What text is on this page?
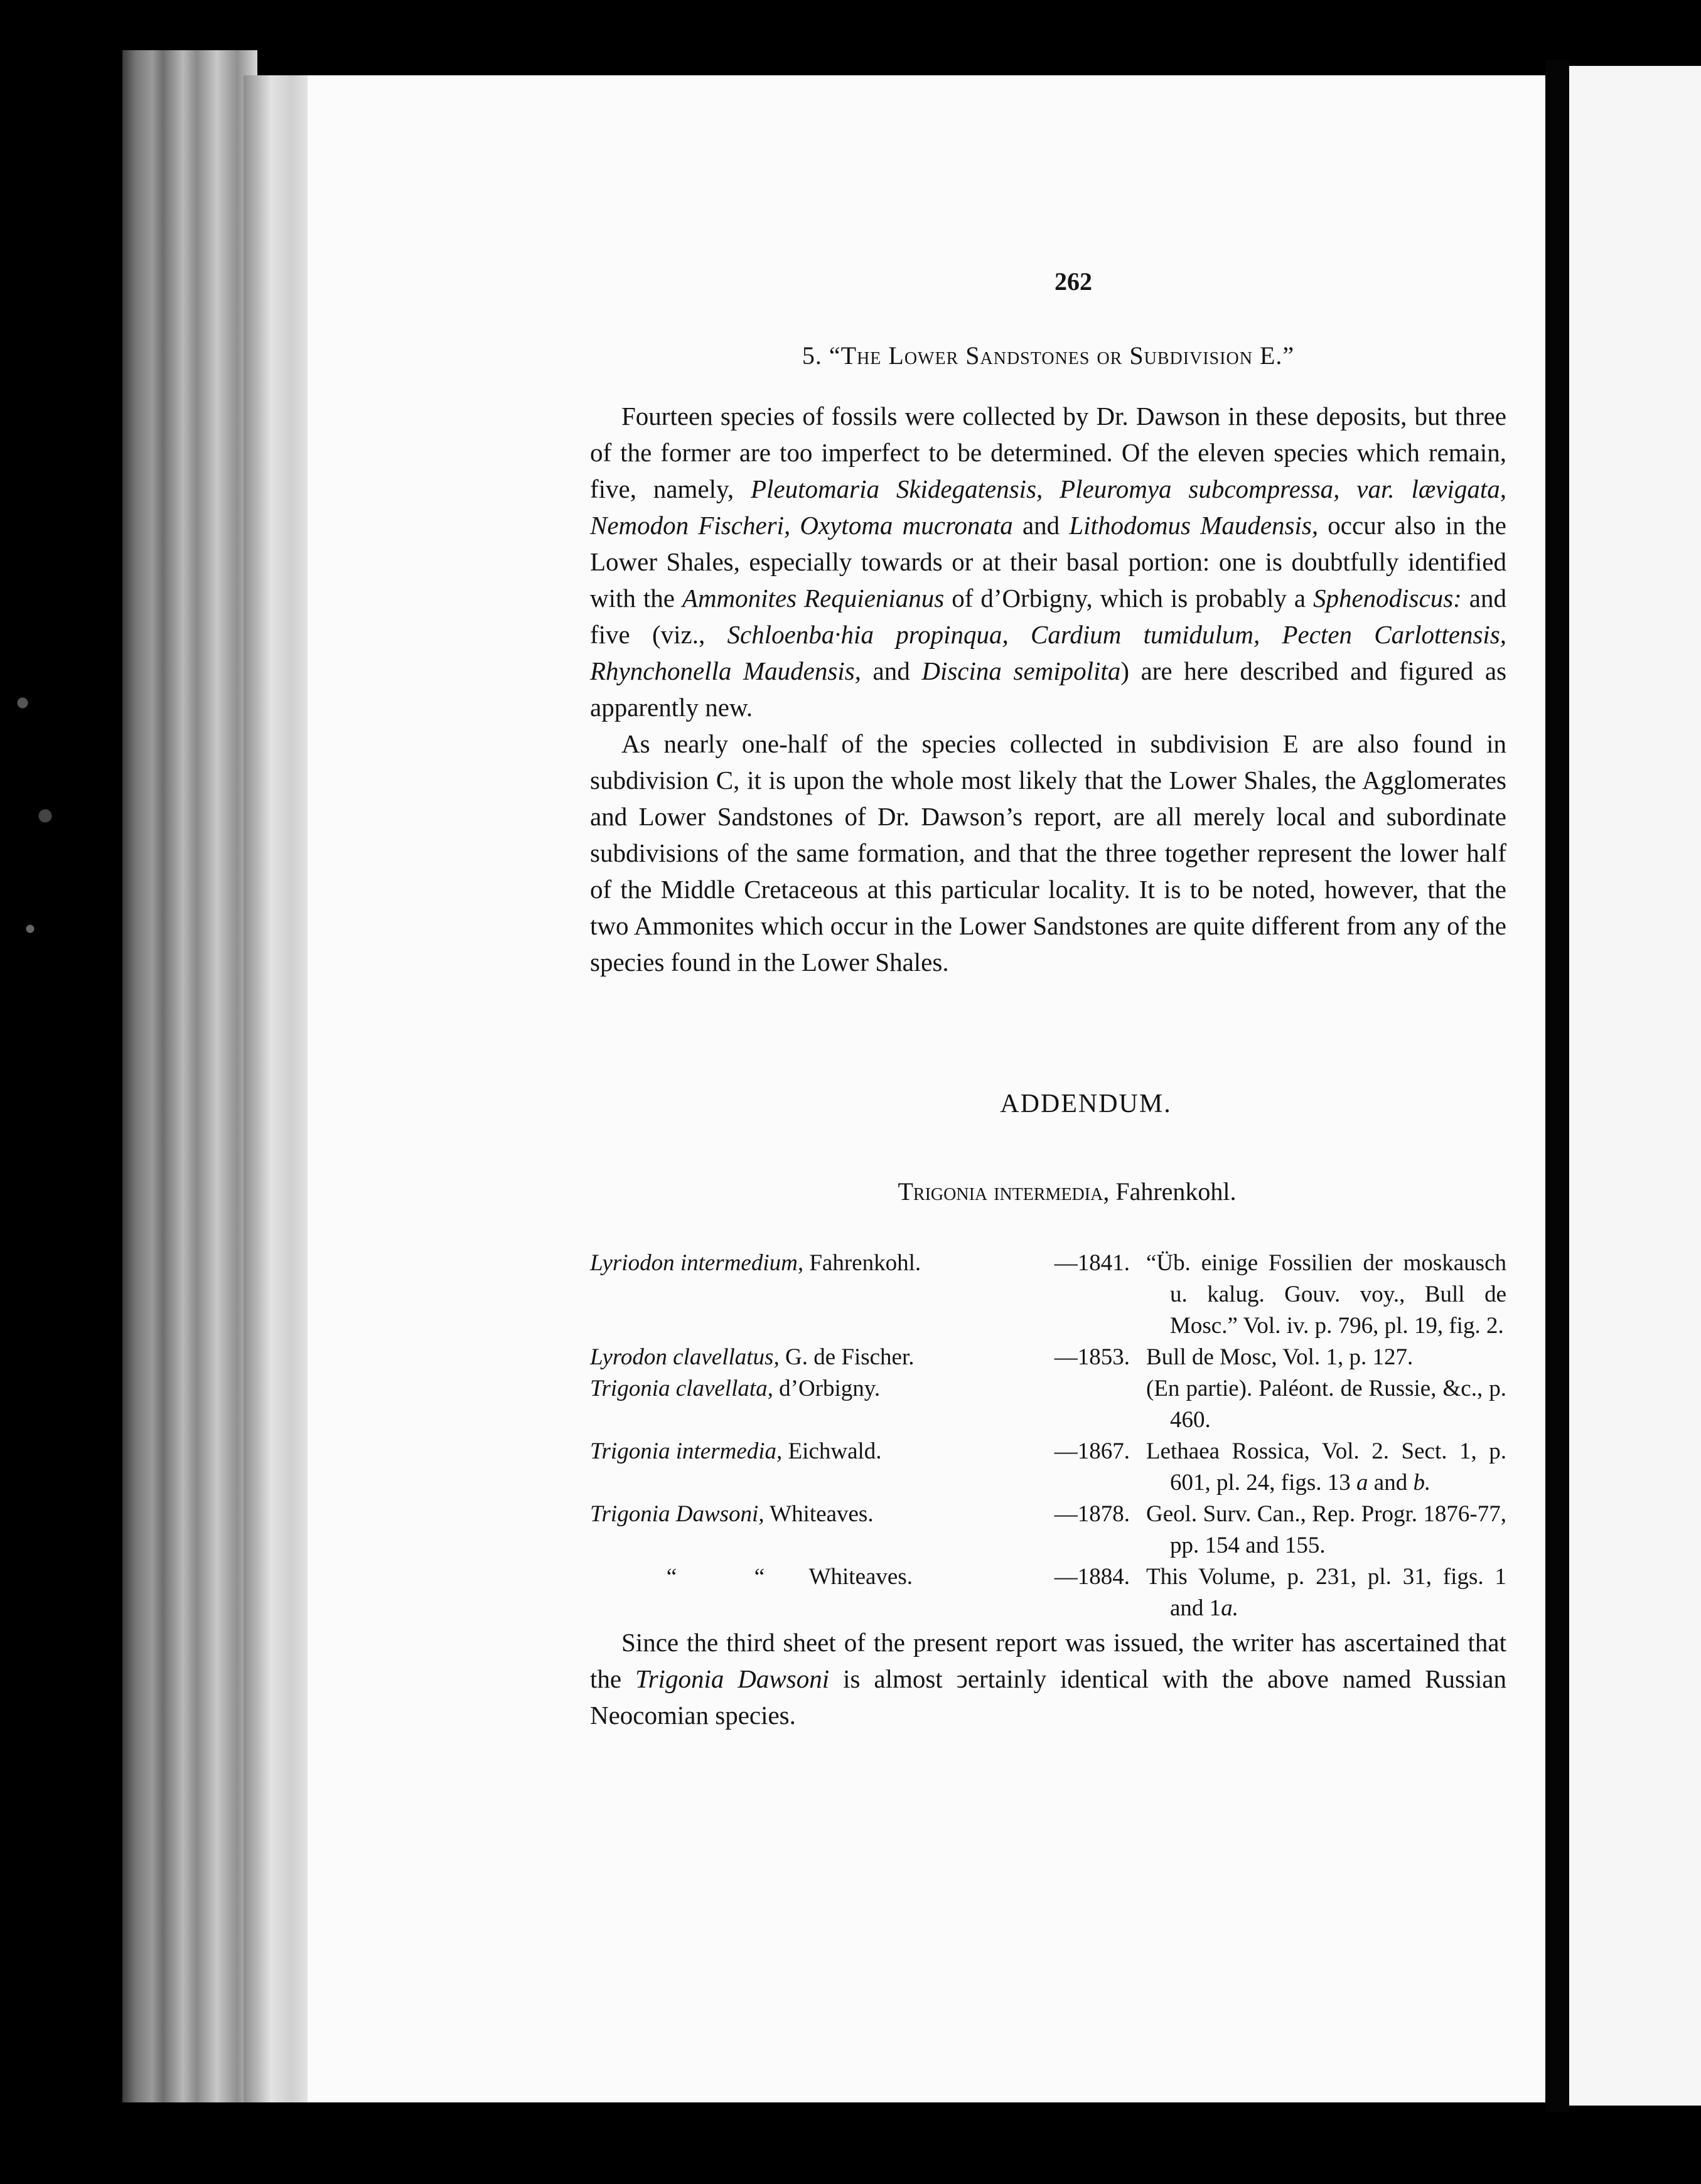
262
5. “The Lower Sandstones or Subdivision E.”

Fourteen species of fossils were collected by Dr. Dawson in these deposits, but three of the former are too imperfect to be determined. Of the eleven species which remain, five, namely, Pleutomaria Skidegatensis, Pleuromya subcompressa, var. lævigata, Nemodon Fischeri, Oxytoma mucronata and Lithodomus Maudensis, occur also in the Lower Shales, especially towards or at their basal portion: one is doubtfully identified with the Ammonites Requienianus of d’Orbigny, which is probably a Sphenodiscus: and five (viz., Schloenba·hia propinqua, Cardium tumidulum, Pecten Carlottensis, Rhynchonella Maudensis, and Discina semipolita) are here described and figured as apparently new.

As nearly one-half of the species collected in subdivision E are also found in subdivision C, it is upon the whole most likely that the Lower Shales, the Agglomerates and Lower Sandstones of Dr. Dawson’s report, are all merely local and subordinate subdivisions of the same formation, and that the three together represent the lower half of the Middle Cretaceous at this particular locality. It is to be noted, however, that the two Ammonites which occur in the Lower Sandstones are quite different from any of the species found in the Lower Shales.

ADDENDUM.
Trigonia intermedia, Fahrenkohl.
Lyriodon intermedium, Fahrenkohl.	—1841.	“Üb. einige Fossilien der moskausch u. kalug. Gouv. voy., Bull de Mosc.” Vol. iv. p. 796, pl. 19, fig. 2.

Lyrodon clavellatus, G. de Fischer.	—1853.	Bull de Mosc, Vol. 1, p. 127.
Trigonia clavellata, d’Orbigny.		(En partie). Paléont. de Russie, &c., p. 460.

Trigonia intermedia, Eichwald.	—1867.	Lethaea Rossica, Vol. 2. Sect. 1, p. 601, pl. 24, figs. 13 a and b.

Trigonia Dawsoni, Whiteaves.	—1878.	Geol. Surv. Can., Rep. Progr. 1876-77, pp. 154 and 155.

“ “ Whiteaves.	—1884.	This Volume, p. 231, pl. 31, figs. 1 and 1a.

Since the third sheet of the present report was issued, the writer has ascertained that the Trigonia Dawsoni is almost ↄertainly identical with the above named Russian Neocomian species.
